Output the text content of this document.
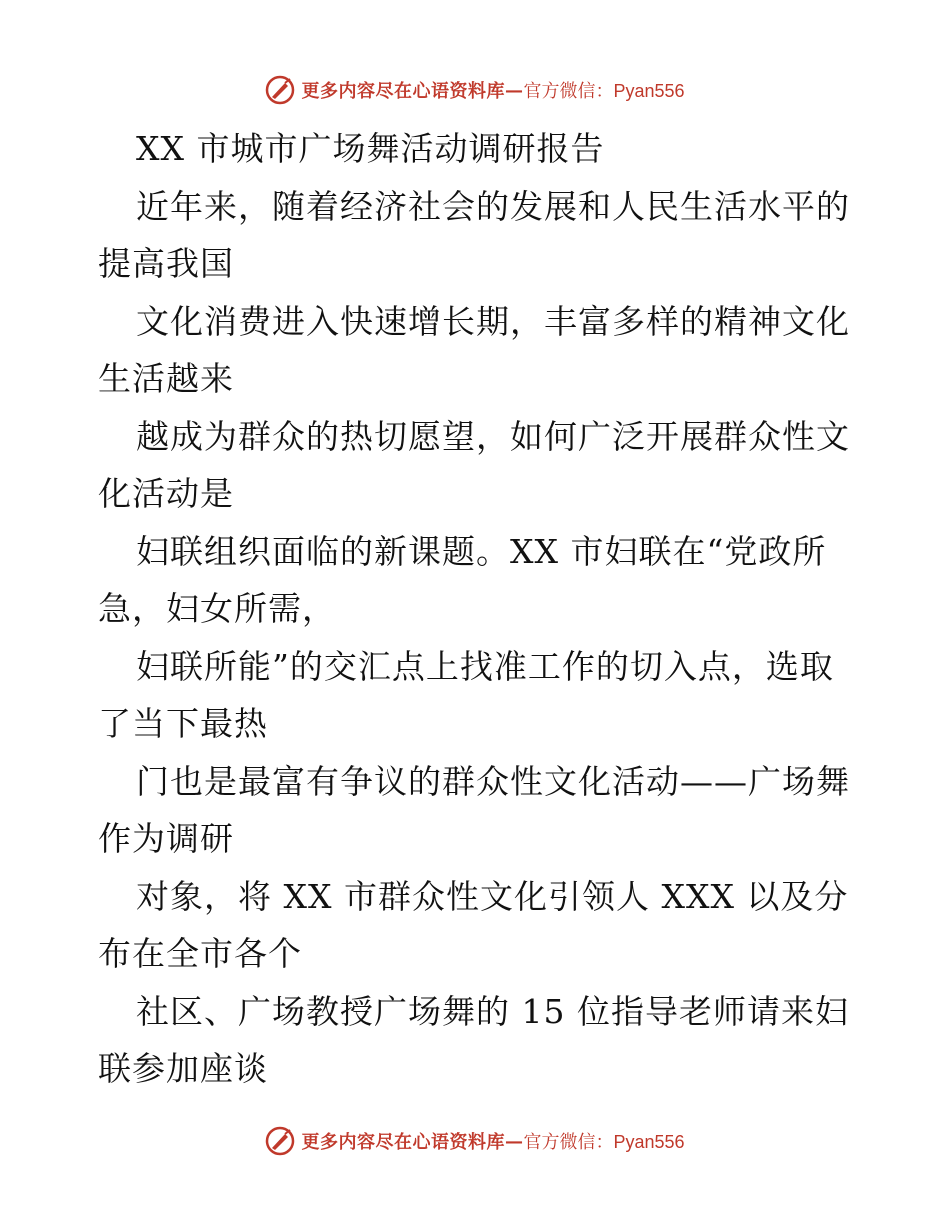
更多内容尽在心语资料库 — 官方微信：Pyan556
XX 市城市广场舞活动调研报告
近年来，随着经济社会的发展和人民生活水平的
提高我国
文化消费进入快速增长期，丰富多样的精神文化
生活越来
越成为群众的热切愿望，如何广泛开展群众性文
化活动是
妇联组织面临的新课题。XX 市妇联在“党政所
急，妇女所需，
妇联所能”的交汇点上找准工作的切入点，选取
了当下最热
门也是最富有争议的群众性文化活动——广场舞
作为调研
对象，将 XX 市群众性文化引领人 XXX 以及分
布在全市各个
社区、广场教授广场舞的 15 位指导老师请来妇
联参加座谈
更多内容尽在心语资料库 — 官方微信：Pyan556
